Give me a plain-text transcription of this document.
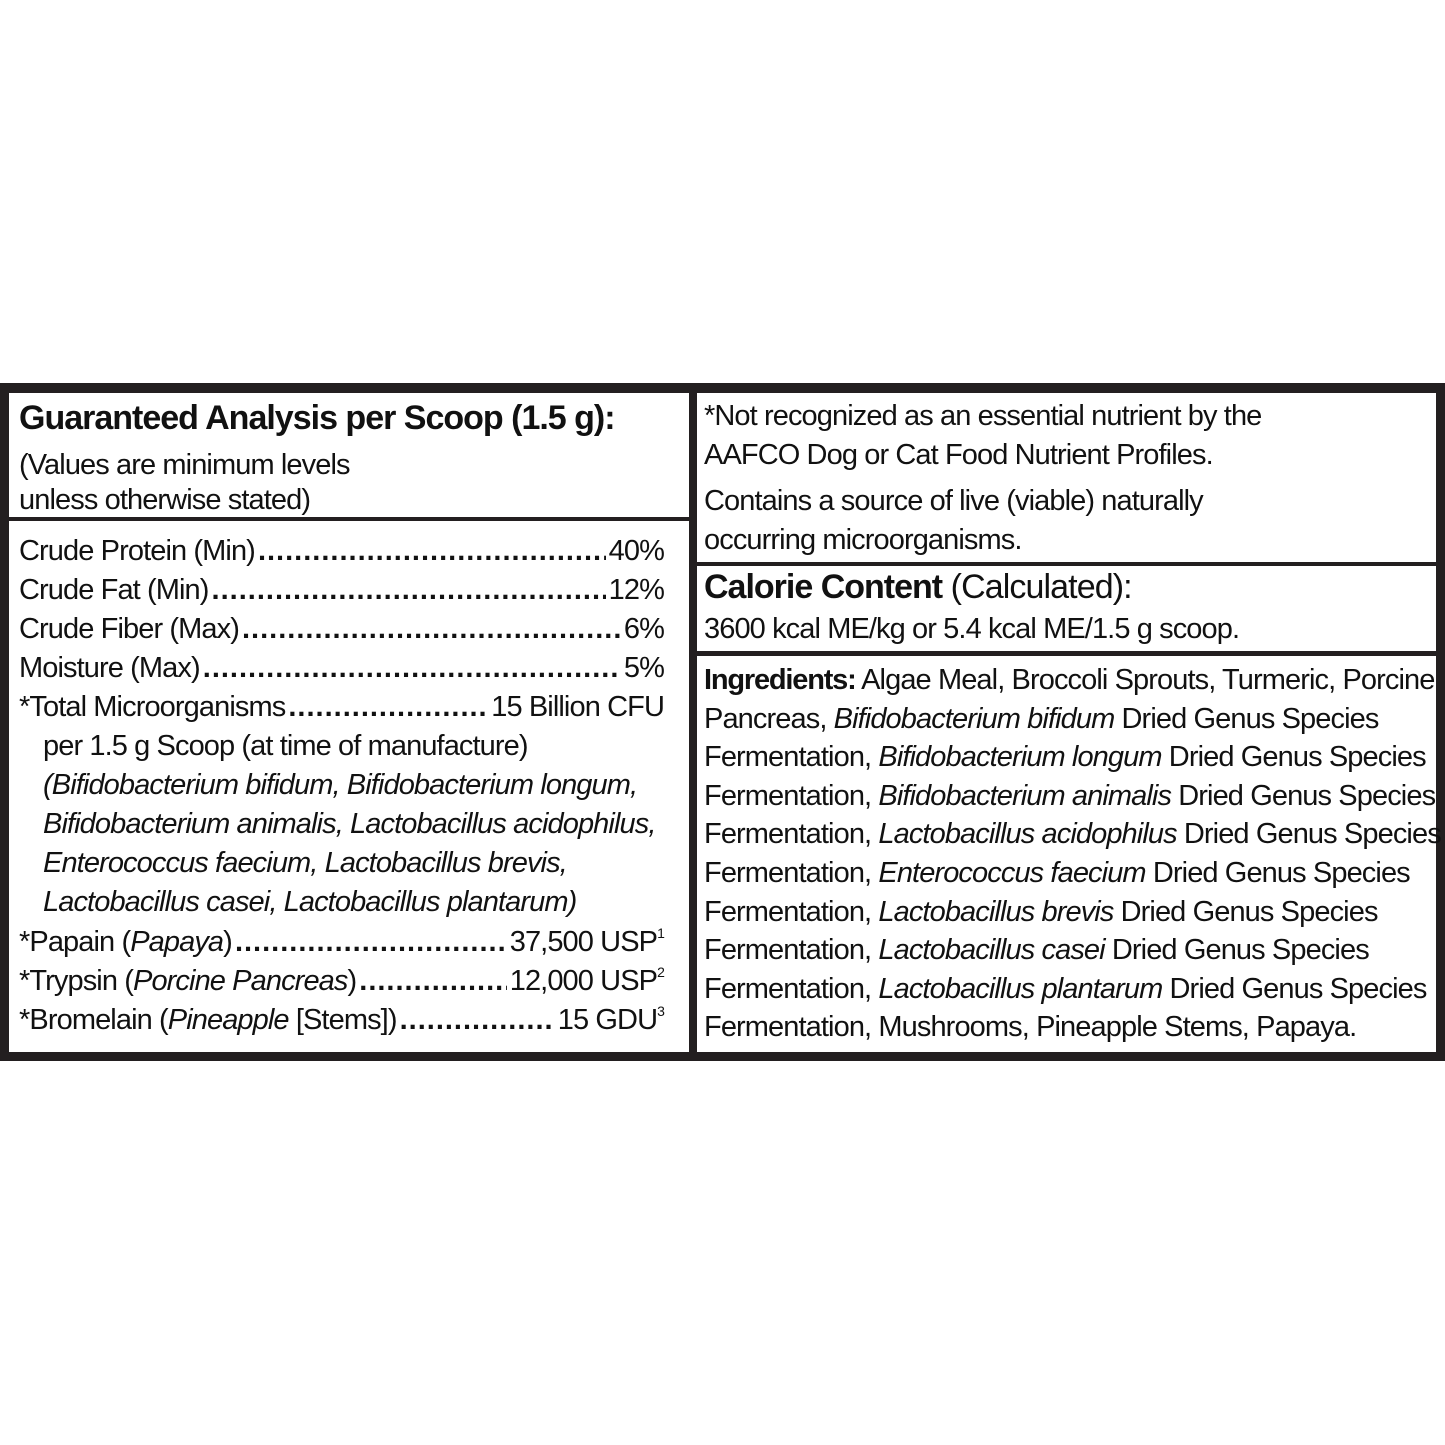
Guaranteed Analysis per Scoop (1.5 g):
(Values are minimum levels
unless otherwise stated)
Crude Protein (Min) .....	40%
Crude Fat (Min) .....	12%
Crude Fiber (Max) .....	6%
Moisture (Max) .....	5%
*Total Microorganisms .....	15 Billion CFU
per 1.5 g Scoop (at time of manufacture)
(Bifidobacterium bifidum, Bifidobacterium longum,
Bifidobacterium animalis, Lactobacillus acidophilus,
Enterococcus faecium, Lactobacillus brevis,
Lactobacillus casei, Lactobacillus plantarum)
*Papain (Papaya) .....	37,500 USP$^1$
*Trypsin (Porcine Pancreas) .....	12,000 USP$^2$
*Bromelain (Pineapple [Stems]) .....	15 GDU$^3$
*Not recognized as an essential nutrient by the
AAFCO Dog or Cat Food Nutrient Profiles.
Contains a source of live (viable) naturally
occurring microorganisms.
Calorie Content (Calculated):
3600 kcal ME/kg or 5.4 kcal ME/1.5 g scoop.
Ingredients: Algae Meal, Broccoli Sprouts, Turmeric, Porcine
Pancreas, Bifidobacterium bifidum Dried Genus Species
Fermentation, Bifidobacterium longum Dried Genus Species
Fermentation, Bifidobacterium animalis Dried Genus Species
Fermentation, Lactobacillus acidophilus Dried Genus Species
Fermentation, Enterococcus faecium Dried Genus Species
Fermentation, Lactobacillus brevis Dried Genus Species
Fermentation, Lactobacillus casei Dried Genus Species
Fermentation, Lactobacillus plantarum Dried Genus Species
Fermentation, Mushrooms, Pineapple Stems, Papaya.
